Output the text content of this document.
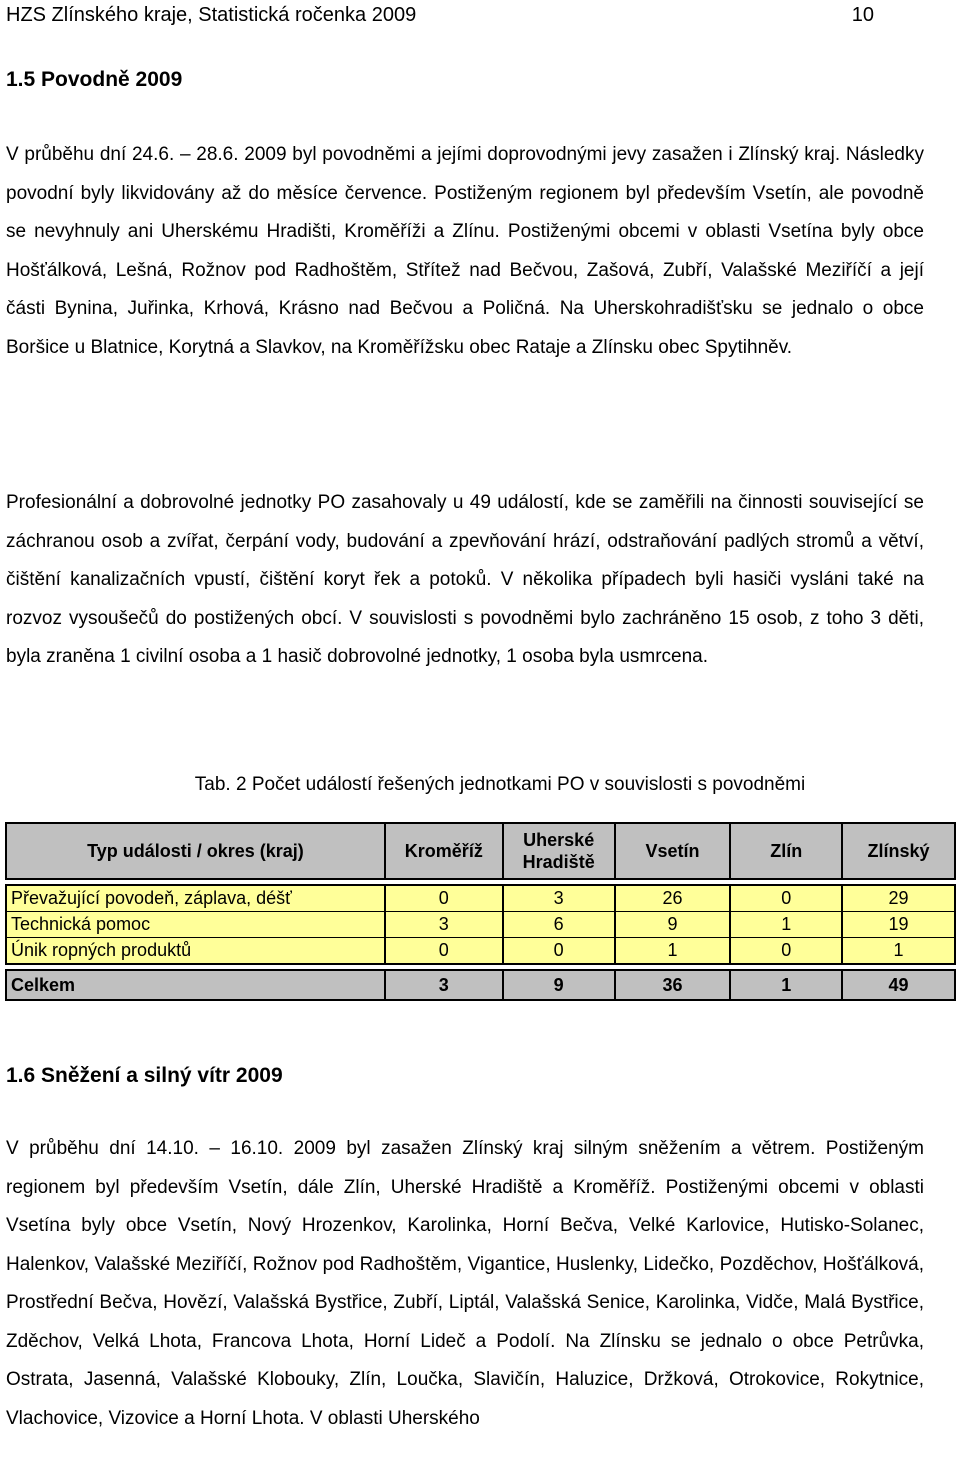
HZS Zlínského kraje, Statistická ročenka 2009	10
1.5 Povodně 2009

V průběhu dní 24.6. – 28.6. 2009 byl povodněmi a jejími doprovodnými jevy zasažen i Zlínský kraj. Následky povodní byly likvidovány až do měsíce července. Postiženým regionem byl především Vsetín, ale povodně se nevyhnuly ani Uherskému Hradišti, Kroměříži a Zlínu. Postiženými obcemi v oblasti Vsetína byly obce Hošťálková, Lešná, Rožnov pod Radhoštěm, Střítež nad Bečvou, Zašová, Zubří, Valašské Meziříčí a její části Bynina, Juřinka, Krhová, Krásno nad Bečvou a Poličná. Na Uherskohradišťsku se jednalo o obce Boršice u Blatnice, Korytná a Slavkov, na Kroměřížsku obec Rataje a Zlínsku obec Spytihněv.

Profesionální a dobrovolné jednotky PO zasahovaly u 49 událostí, kde se zaměřili na činnosti související se záchranou osob a zvířat, čerpání vody, budování a zpevňování hrází, odstraňování padlých stromů a větví, čištění kanalizačních vpustí, čištění koryt řek a potoků. V několika případech byli hasiči vysláni také na rozvoz vysoušečů do postižených obcí. V souvislosti s povodněmi bylo zachráněno 15 osob, z toho 3 děti, byla zraněna 1 civilní osoba a 1 hasič dobrovolné jednotky, 1 osoba byla usmrcena.

Tab. 2 Počet událostí řešených jednotkami PO v souvislosti s povodněmi
Typ události / okres (kraj)	Kroměříž	Uherské Hradiště	Vsetín	Zlín	Zlínský

Převažující povodeň, záplava, déšť	0	3	26	0	29
Technická pomoc	3	6	9	1	19
Únik ropných produktů	0	0	1	0	1

Celkem	3	9	36	1	49
1.6 Sněžení a silný vítr 2009

V průběhu dní 14.10. – 16.10. 2009 byl zasažen Zlínský kraj silným sněžením a větrem. Postiženým regionem byl především Vsetín, dále Zlín, Uherské Hradiště a Kroměříž. Postiženými obcemi v oblasti Vsetína byly obce Vsetín, Nový Hrozenkov, Karolinka, Horní Bečva, Velké Karlovice, Hutisko-Solanec, Halenkov, Valašské Meziříčí, Rožnov pod Radhoštěm, Vigantice, Huslenky, Lidečko, Pozděchov, Hošťálková, Prostřední Bečva, Hovězí, Valašská Bystřice, Zubří, Liptál, Valašská Senice, Karolinka, Vidče, Malá Bystřice, Zděchov, Velká Lhota, Francova Lhota, Horní Lideč a Podolí. Na Zlínsku se jednalo o obce Petrůvka, Ostrata, Jasenná, Valašské Klobouky, Zlín, Loučka, Slavičín, Haluzice, Držková, Otrokovice, Rokytnice, Vlachovice, Vizovice a Horní Lhota. V oblasti Uherského
